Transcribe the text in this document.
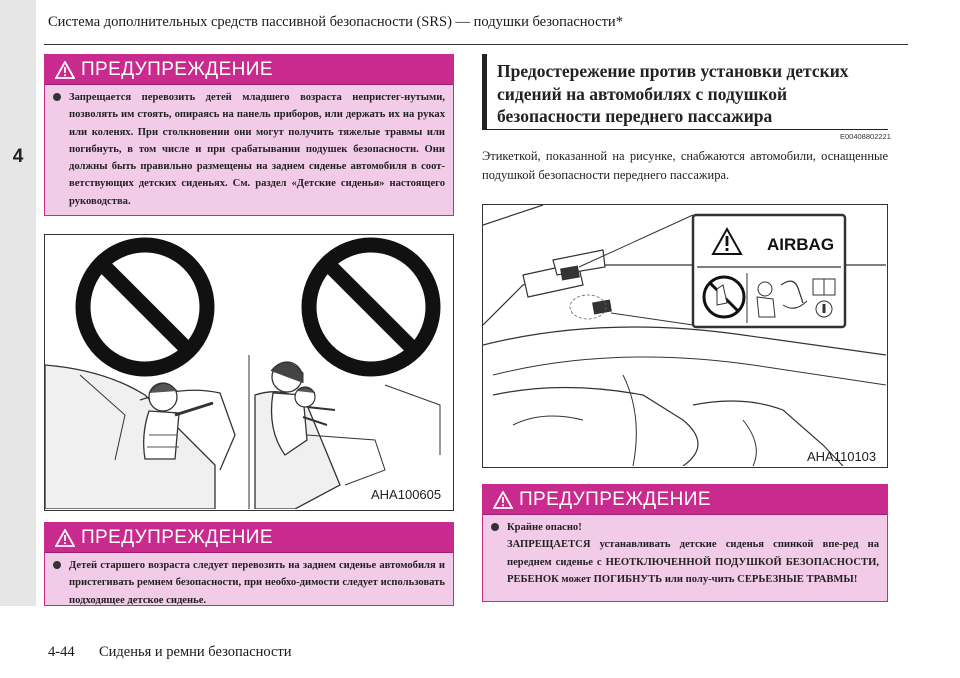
4
Система дополнительных средств пассивной безопасности (SRS) — подушки безопасности*
ПРЕДУПРЕЖДЕНИЕ
Запрещается перевозить детей младшего возраста непристег-нутыми, позволять им стоять, опираясь на панель приборов, или держать их на руках или коленях. При столкновении они могут получить тяжелые травмы или погибнуть, в том числе и при срабатывании подушек безопасности. Они должны быть правильно размещены на заднем сиденье автомобиля в соот-ветствующих детских сиденьях. См. раздел «Детские сиденья» настоящего руководства.
AHA100605
ПРЕДУПРЕЖДЕНИЕ
Детей старшего возраста следует перевозить на заднем сиденье автомобиля и пристегивать ремнем безопасности, при необхо-димости следует использовать подходящее детское сиденье.
Предостережение против установки детских сидений на автомобилях с подушкой безопасности переднего пассажира
E00408802221
Этикеткой, показанной на рисунке, снабжаются автомобили, оснащенные подушкой безопасности переднего пассажира.
AIRBAG
AHA110103
ПРЕДУПРЕЖДЕНИЕ
Крайне опасно!
ЗАПРЕЩАЕТСЯ устанавливать детские сиденья спинкой впе-ред на переднем сиденье с НЕОТКЛЮЧЕННОЙ ПОДУШКОЙ БЕЗОПАСНОСТИ, РЕБЕНОК может ПОГИБНУТЬ или полу-чить СЕРЬЕЗНЫЕ ТРАВМЫ!
4-44 Сиденья и ремни безопасности
